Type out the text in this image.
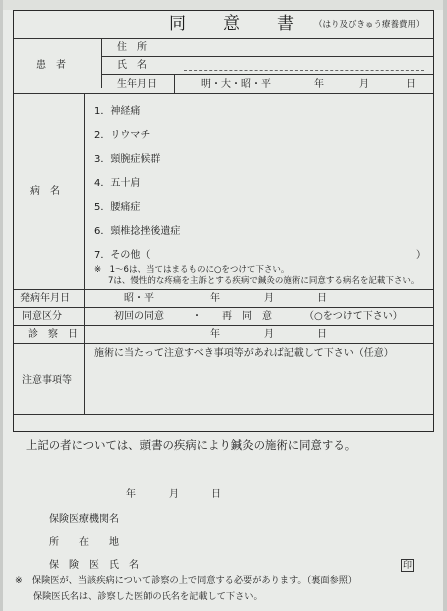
同　意　書 （はり及びきゅう療養費用）
患　者
住　所
氏　名
生年月日	明・大・昭・平	年	月	日
病　名
1．神経痛
2．リウマチ
3．頸腕症候群
4．五十肩
5．腰痛症
6．頸椎捻挫後遺症
7．その他（	）
※　1～6は、当てはまるものに○をつけて下さい。
7は、慢性的な疼痛を主訴とする疾病で鍼灸の施術に同意する病名を記載下さい。
発病年月日	昭・平	年	月	日
同意区分	初回の同意	・ 再　同　意	（○をつけて下さい）
診　察　日	年	月	日
注意事項等
施術に当たって注意すべき事項等があれば記載して下さい（任意）
上記の者については、頭書の疾病により鍼灸の施術に同意する。
年	月	日
保険医療機関名
所　　在　　地
保　険　医　氏　名	印
※　保険医が、当該疾病について診察の上で同意する必要があります。（裏面参照）
保険医氏名は、診察した医師の氏名を記載して下さい。
